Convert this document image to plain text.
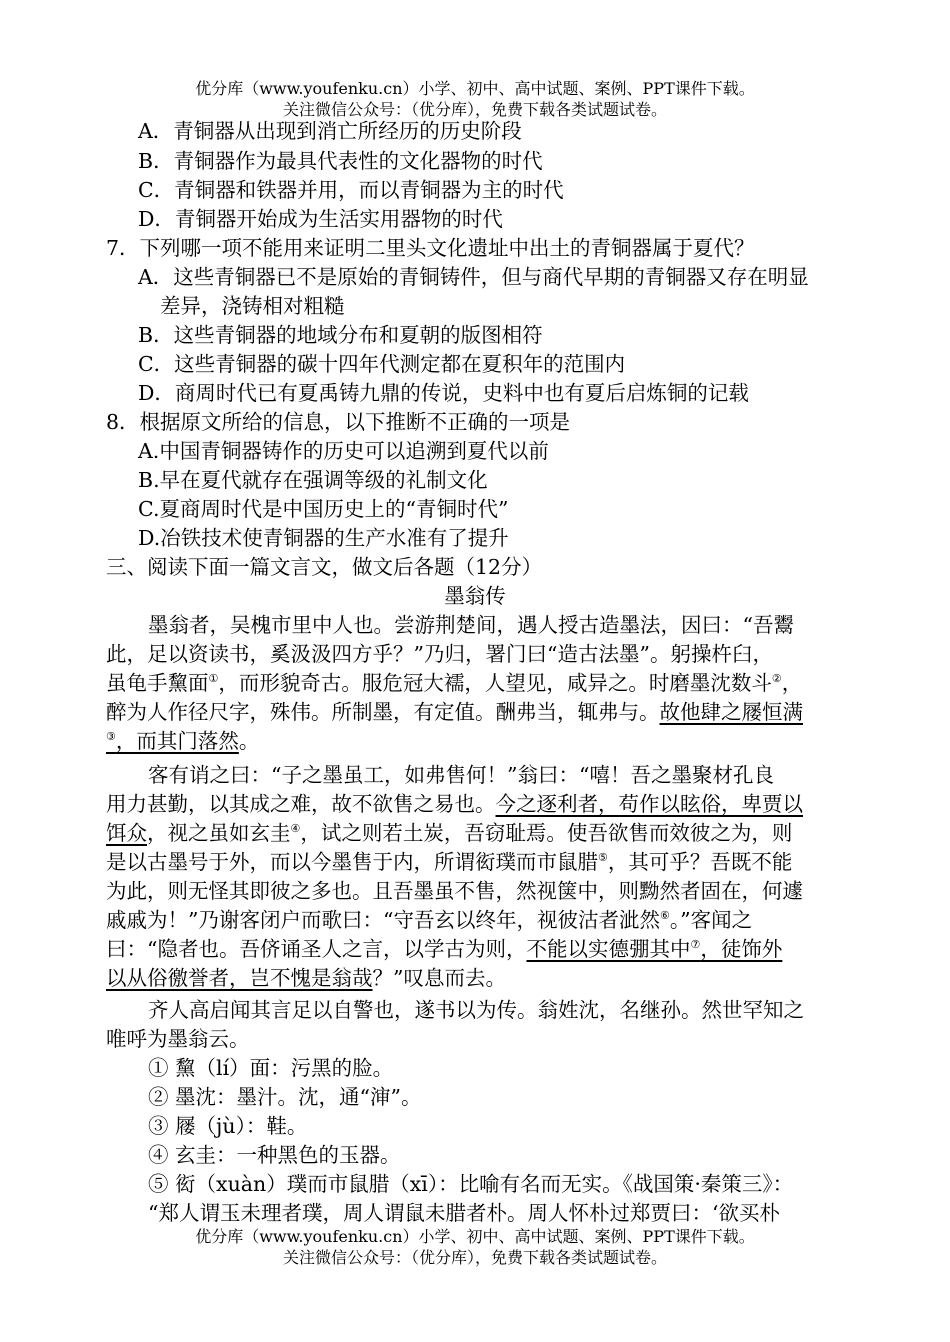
优分库（www.youfenku.cn）小学、初中、高中试题、案例、PPT课件下载。
关注微信公众号：（优分库），免费下载各类试题试卷。
A．青铜器从出现到消亡所经历的历史阶段
B．青铜器作为最具代表性的文化器物的时代
C．青铜器和铁器并用，而以青铜器为主的时代
D．青铜器开始成为生活实用器物的时代
7．下列哪一项不能用来证明二里头文化遗址中出土的青铜器属于夏代？
A．这些青铜器已不是原始的青铜铸件，但与商代早期的青铜器又存在明显
差异，浇铸相对粗糙
B．这些青铜器的地域分布和夏朝的版图相符
C．这些青铜器的碳十四年代测定都在夏积年的范围内
D．商周时代已有夏禹铸九鼎的传说，史料中也有夏后启炼铜的记载
8．根据原文所给的信息，以下推断不正确的一项是
A.中国青铜器铸作的历史可以追溯到夏代以前
B.早在夏代就存在强调等级的礼制文化
C.夏商周时代是中国历史上的“青铜时代”
D.冶铁技术使青铜器的生产水准有了提升
三、阅读下面一篇文言文，做文后各题（12分）
墨翁传
墨翁者，吴槐市里中人也。尝游荆楚间，遇人授古造墨法，因曰：“吾鬻
此，足以资读书，奚汲汲四方乎？”乃归，署门曰“造古法墨”。躬操杵臼，
虽龟手黧面①，而形貌奇古。服危冠大襦，人望见，咸异之。时磨墨沈数斗②，
醉为人作径尺字，殊伟。所制墨，有定值。酬弗当，辄弗与。故他肆之屦恒满
③，而其门落然。
客有诮之曰：“子之墨虽工，如弗售何！”翁曰：“嘻！吾之墨聚材孔良
用力甚勤，以其成之难，故不欲售之易也。今之逐利者，苟作以眩俗，卑贾以
饵众，视之虽如玄圭④，试之则若土炭，吾窃耻焉。使吾欲售而效彼之为，则
是以古墨号于外，而以今墨售于内，所谓衒璞而市鼠腊⑤，其可乎？吾既不能
为此，则无怪其即彼之多也。且吾墨虽不售，然视箧中，则黝然者固在，何遽
戚戚为！”乃谢客闭户而歌曰：“守吾玄以终年，视彼沽者泚然⑥。”客闻之
曰：“隐者也。吾侪诵圣人之言，以学古为则，不能以实德弸其中⑦，徒饰外
以从俗徼誉者，岂不愧是翁哉？”叹息而去。
齐人高启闻其言足以自警也，遂书以为传。翁姓沈，名继孙。然世罕知之
唯呼为墨翁云。
① 黧（lí）面：污黑的脸。
② 墨沈：墨汁。沈，通“渖”。
③ 屦（jù）：鞋。
④ 玄圭：一种黑色的玉器。
⑤ 衒（xuàn）璞而市鼠腊（xī）：比喻有名而无实。《战国策·秦策三》：
“郑人谓玉未理者璞，周人谓鼠未腊者朴。周人怀朴过郑贾曰：‘欲买朴
优分库（www.youfenku.cn）小学、初中、高中试题、案例、PPT课件下载。
关注微信公众号：（优分库），免费下载各类试题试卷。
